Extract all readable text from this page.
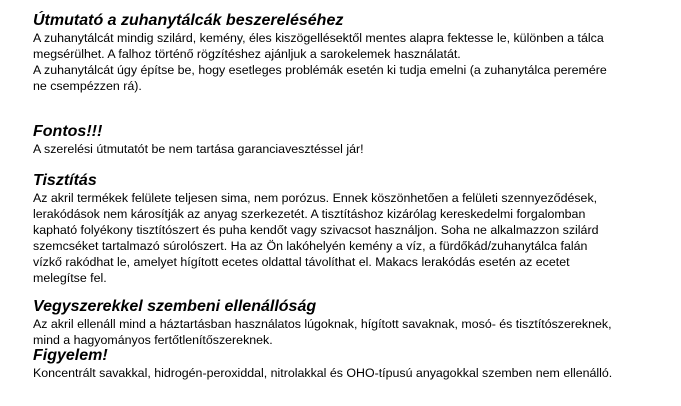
Útmutató a zuhanytálcák beszereléséhez
A zuhanytálcát mindig szilárd, kemény, éles kiszögellésektől mentes alapra fektesse le, különben a tálca
megsérülhet. A falhoz történő rögzítéshez ajánljuk a sarokelemek használatát.
A zuhanytálcát úgy építse be, hogy esetleges problémák esetén ki tudja emelni (a zuhanytálca peremére
ne csempézzen rá).
Fontos!!!
A szerelési útmutatót be nem tartása garanciavesztéssel jár!
Tisztítás
Az akril termékek felülete teljesen sima, nem porózus. Ennek köszönhetően a felületi szennyeződések,
lerakódások nem károsítják az anyag szerkezetét. A tisztításhoz kizárólag kereskedelmi forgalomban
kapható folyékony tisztítószert és puha kendőt vagy szivacsot használjon. Soha ne alkalmazzon szilárd
szemcséket tartalmazó súrolószert. Ha az Ön lakóhelyén kemény a víz, a fürdőkád/zuhanytálca falán
vízkő rakódhat le, amelyet hígított ecetes oldattal távolíthat el. Makacs lerakódás esetén az ecetet
melegítse fel.
Vegyszerekkel szembeni ellenállóság
Az akril ellenáll mind a háztartásban használatos lúgoknak, hígított savaknak, mosó- és tisztítószereknek,
mind a hagyományos fertőtlenítőszereknek.
Figyelem!
Koncentrált savakkal, hidrogén-peroxiddal, nitrolakkal és OHO-típusú anyagokkal szemben nem ellenálló.
